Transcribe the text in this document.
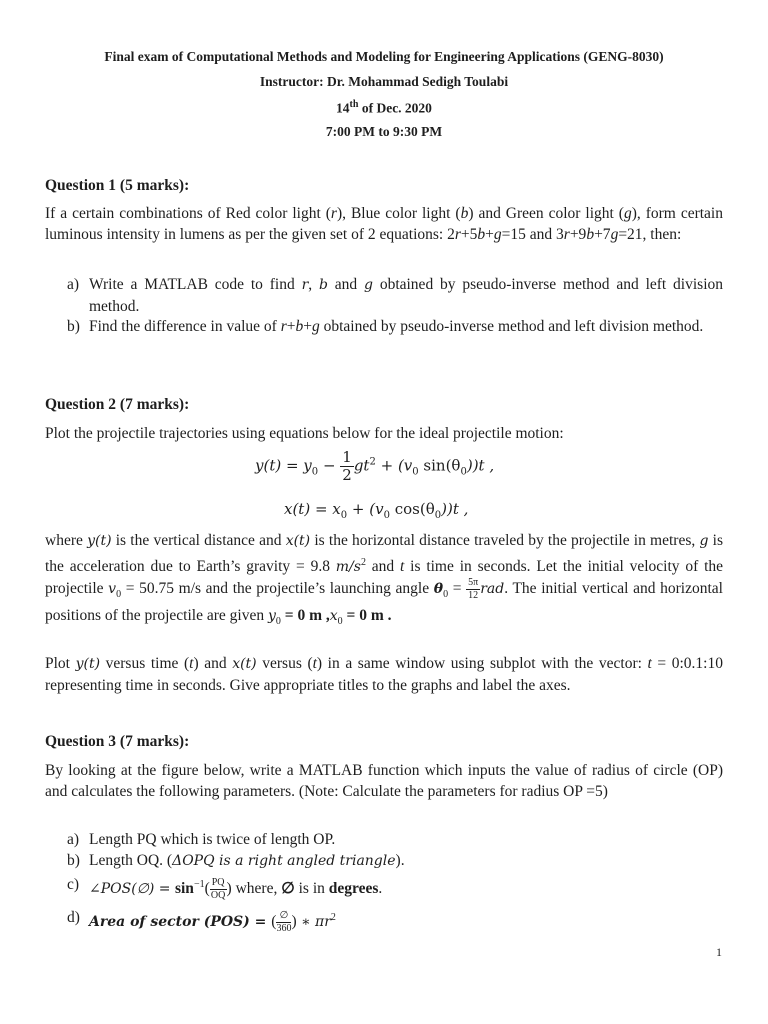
Final exam of Computational Methods and Modeling for Engineering Applications (GENG-8030)
Instructor: Dr. Mohammad Sedigh Toulabi
14th of Dec. 2020
7:00 PM to 9:30 PM
Question 1 (5 marks):
If a certain combinations of Red color light (r), Blue color light (b) and Green color light (g), form certain luminous intensity in lumens as per the given set of 2 equations: 2r+5b+g=15 and 3r+9b+7g=21, then:
a) Write a MATLAB code to find r, b and g obtained by pseudo-inverse method and left division method.
b) Find the difference in value of r+b+g obtained by pseudo-inverse method and left division method.
Question 2 (7 marks):
Plot the projectile trajectories using equations below for the ideal projectile motion:
$y(t) = y_0 - \frac{1}{2} gt^2 + (v_0$ $\sin(\theta_0))t$ ,
$x(t) = x_0 + (v_0$ $\cos(\theta_0))t$ ,
where y(t) is the vertical distance and x(t) is the horizontal distance traveled by the projectile in metres, g is the acceleration due to Earth’s gravity = 9.8 $m/s^2$ and t is time in seconds. Let the initial velocity of the projectile $v_0 = 50.75$ m/s and the projectile’s launching angle $\theta_0 = \frac{5\pi}{12}$ rad. The initial vertical and horizontal positions of the projectile are given $y_0 = 0$ m $,x_0 = 0$ m .
Plot y(t) versus time (t) and x(t) versus (t) in a same window using subplot with the vector: t = 0:0.1:10 representing time in seconds. Give appropriate titles to the graphs and label the axes.
Question 3 (7 marks):
By looking at the figure below, write a MATLAB function which inputs the value of radius of circle (OP) and calculates the following parameters. (Note: Calculate the parameters for radius OP =5)
a) Length PQ which is twice of length OP.
b) Length OQ. (ΔOPQ is a right angled triangle).
c) ∠POS(∅) = $\sin^{-1}( \frac{PQ}{OQ}$ ) where, ∅ is in degrees.
d) Area of sector (POS) = ( $\frac{\emptyset}{360}$ ) ∗ $\pi r^2$
1
